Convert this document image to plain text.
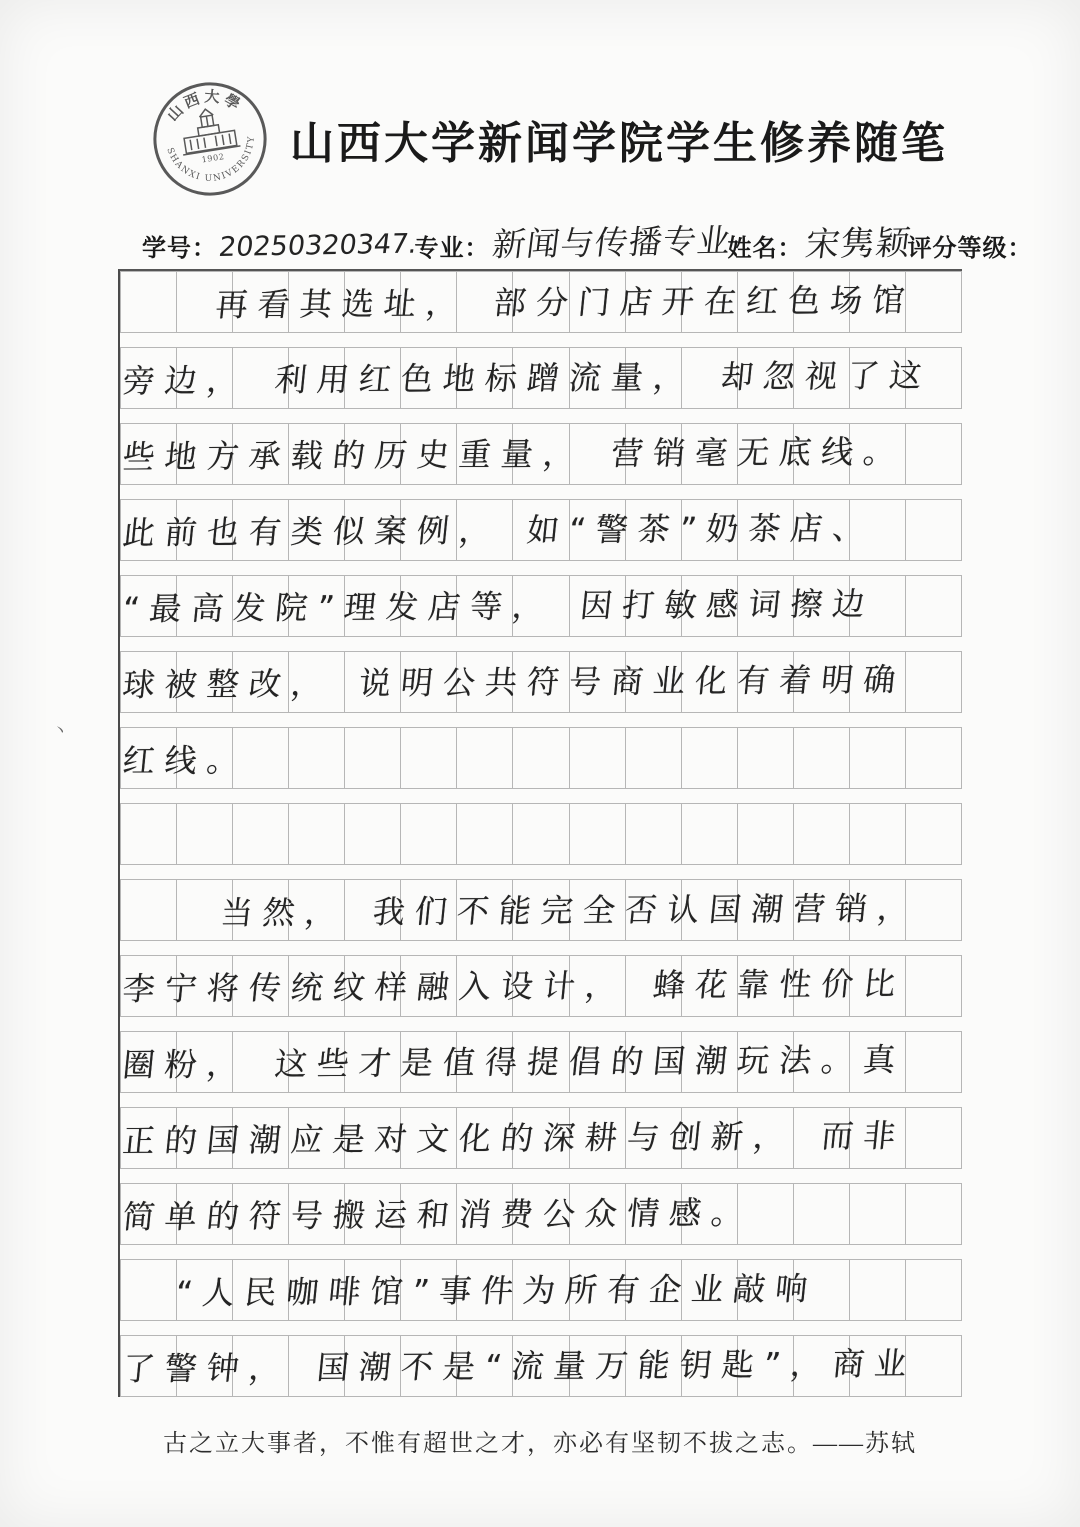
山西大學
1902
SHANXI UNIVERSITY 山西大学新闻学院学生修养随笔
学号： 20250320347.
专业： 新闻与传播专业
姓名： 宋隽颖
评分等级：
再看其选址，　部分门店开在红色场馆
旁边，　利用红色地标蹭流量，　却忽视了这
些地方承载的历史重量，　营销毫无底线。
此前也有类似案例，　如“警茶”奶茶店、
“最高发院”理发店等，　因打敏感词擦边
球被整改，　说明公共符号商业化有着明确
红线。
当然，　我们不能完全否认国潮营销，
李宁将传统纹样融入设计，　蜂花靠性价比
圈粉，　这些才是值得提倡的国潮玩法。真
正的国潮应是对文化的深耕与创新，　而非
简单的符号搬运和消费公众情感。
“人民咖啡馆”事件为所有企业敲响
了警钟，　国潮不是“流量万能钥匙”，商业
古之立大事者，不惟有超世之才，亦必有坚韧不拔之志。——苏轼
丶
